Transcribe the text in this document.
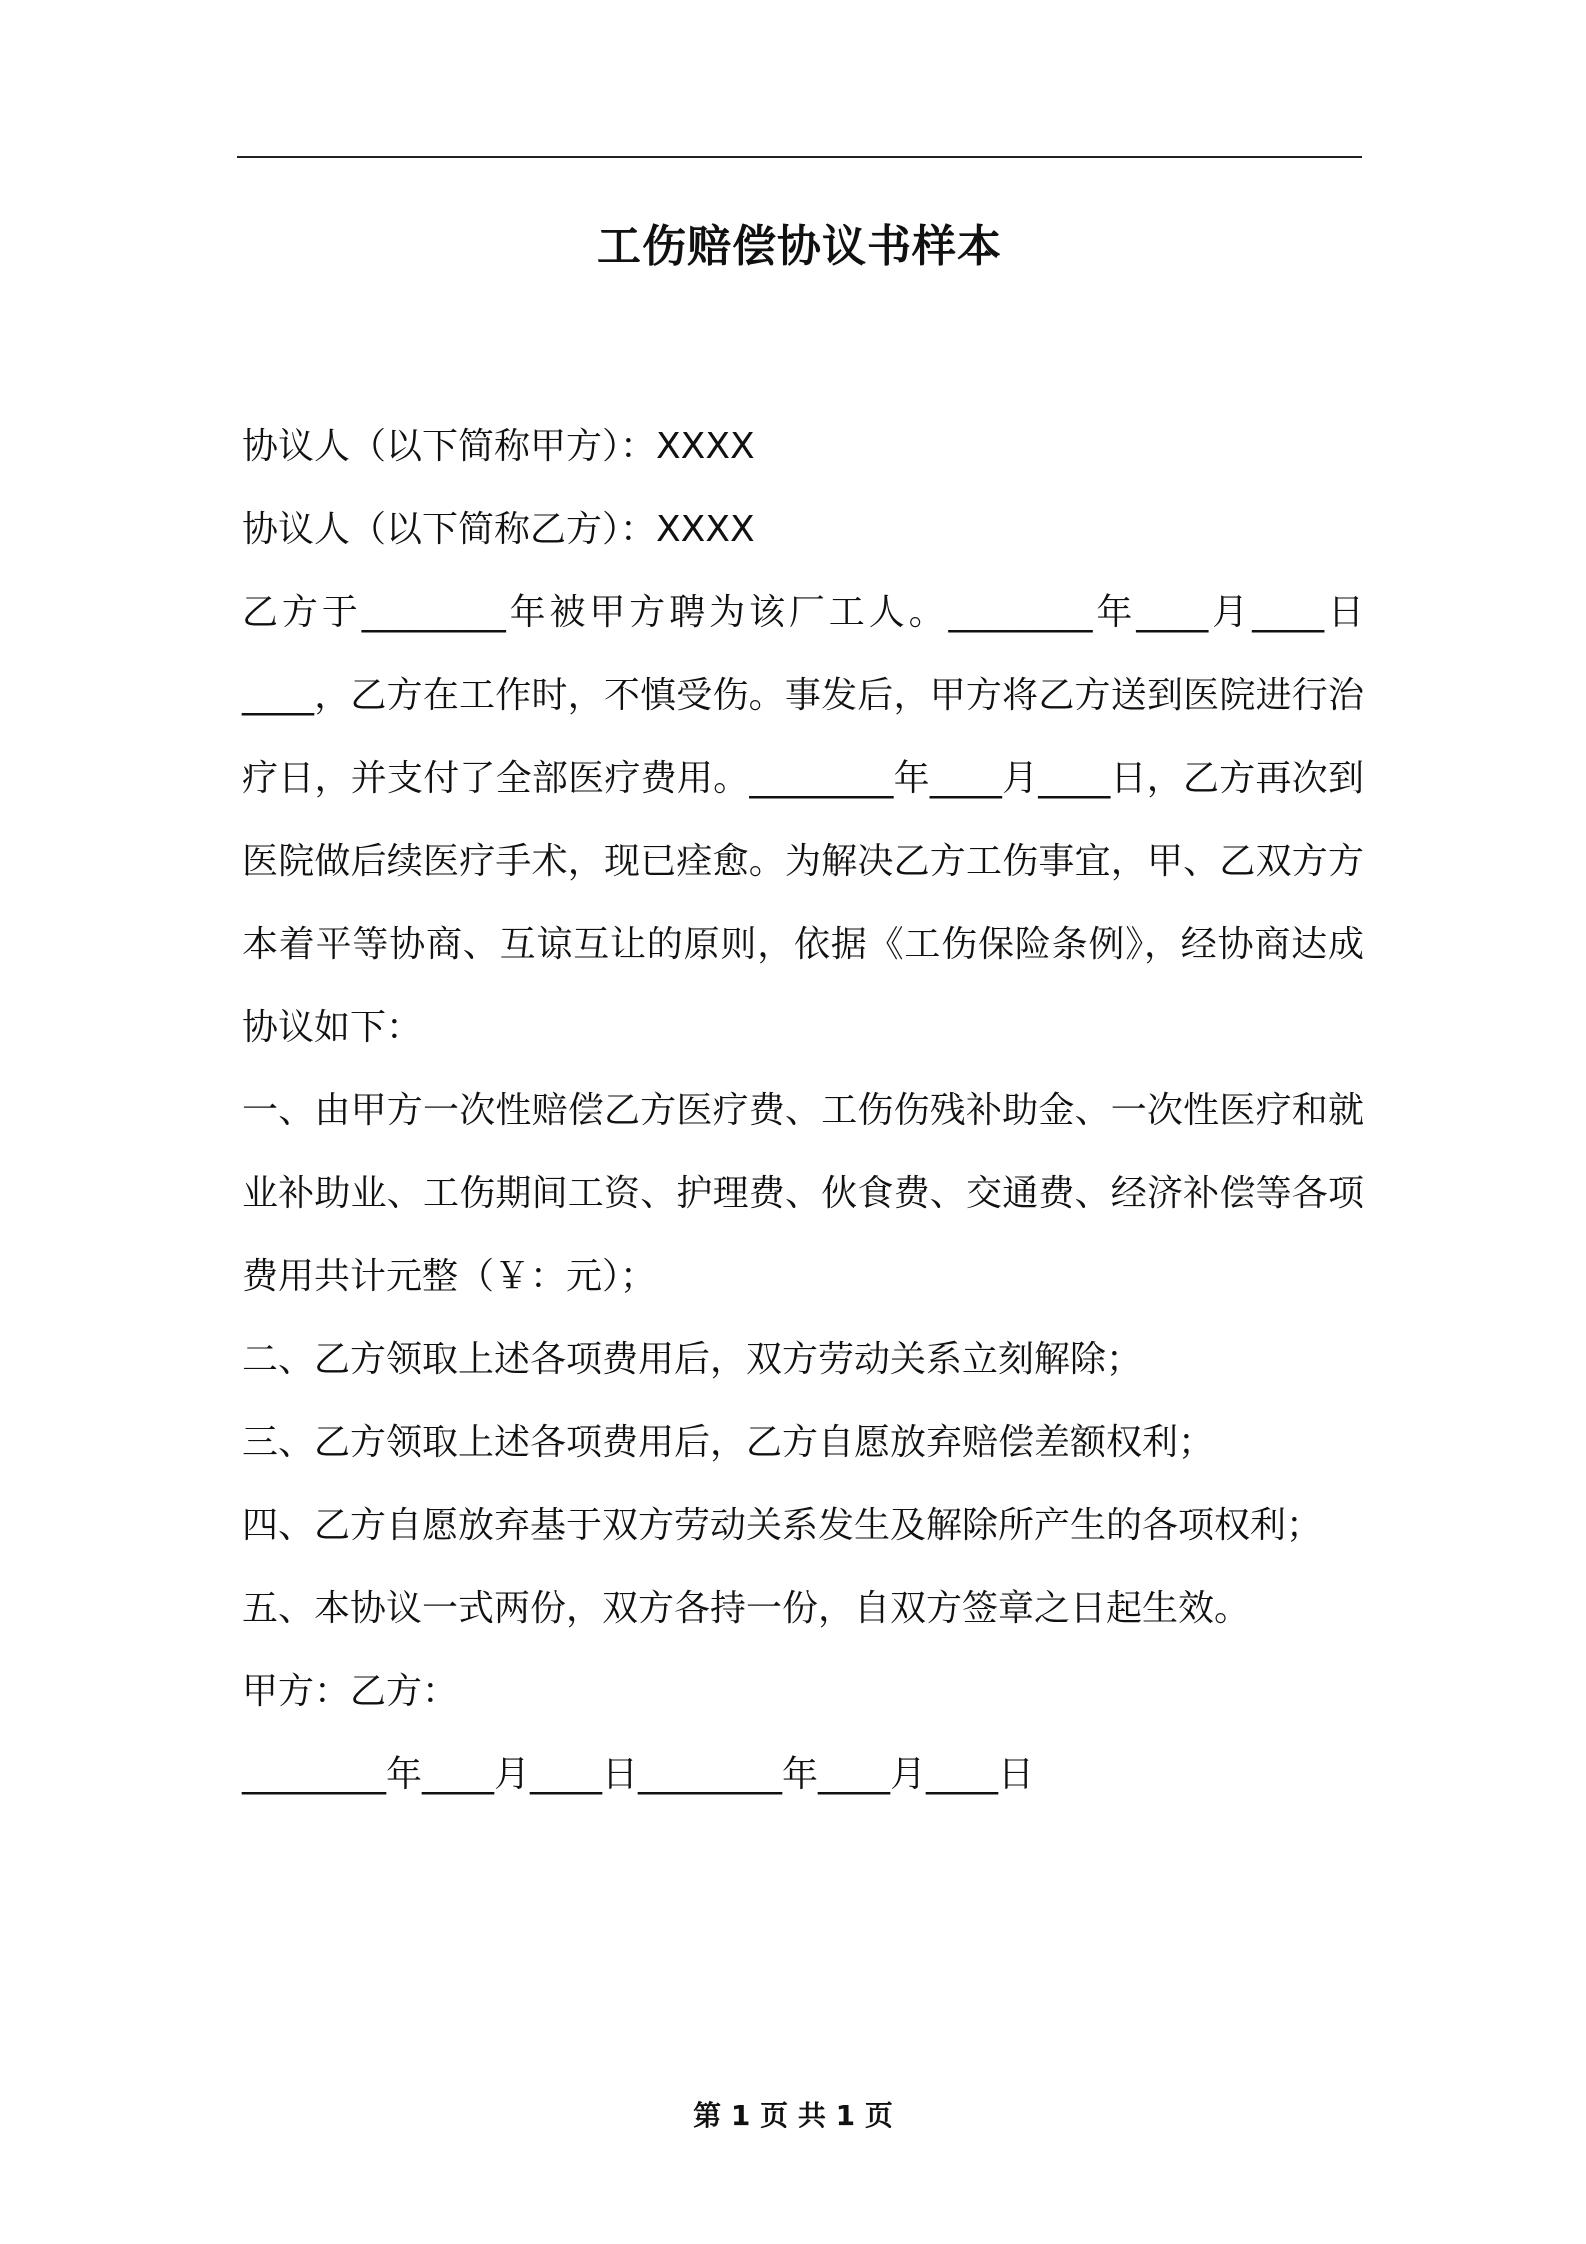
工伤赔偿协议书样本
协议人（以下简称甲方）：XXXX
协议人（以下简称乙方）：XXXX
乙方于________年被甲方聘为该厂工人。________年____月____日____，乙方在工作时，不慎受伤。事发后，甲方将乙方送到医院进行治疗日，并支付了全部医疗费用。________年____月____日，乙方再次到医院做后续医疗手术，现已痊愈。为解决乙方工伤事宜，甲、乙双方方本着平等协商、互谅互让的原则，依据《工伤保险条例》，经协商达成协议如下：
一、由甲方一次性赔偿乙方医疗费、工伤伤残补助金、一次性医疗和就业补助业、工伤期间工资、护理费、伙食费、交通费、经济补偿等各项费用共计元整（￥：元）；
二、乙方领取上述各项费用后，双方劳动关系立刻解除；
三、乙方领取上述各项费用后，乙方自愿放弃赔偿差额权利；
四、乙方自愿放弃基于双方劳动关系发生及解除所产生的各项权利；
五、本协议一式两份，双方各持一份，自双方签章之日起生效。
甲方：乙方：
________年____月____日________年____月____日
第 1 页 共 1 页
